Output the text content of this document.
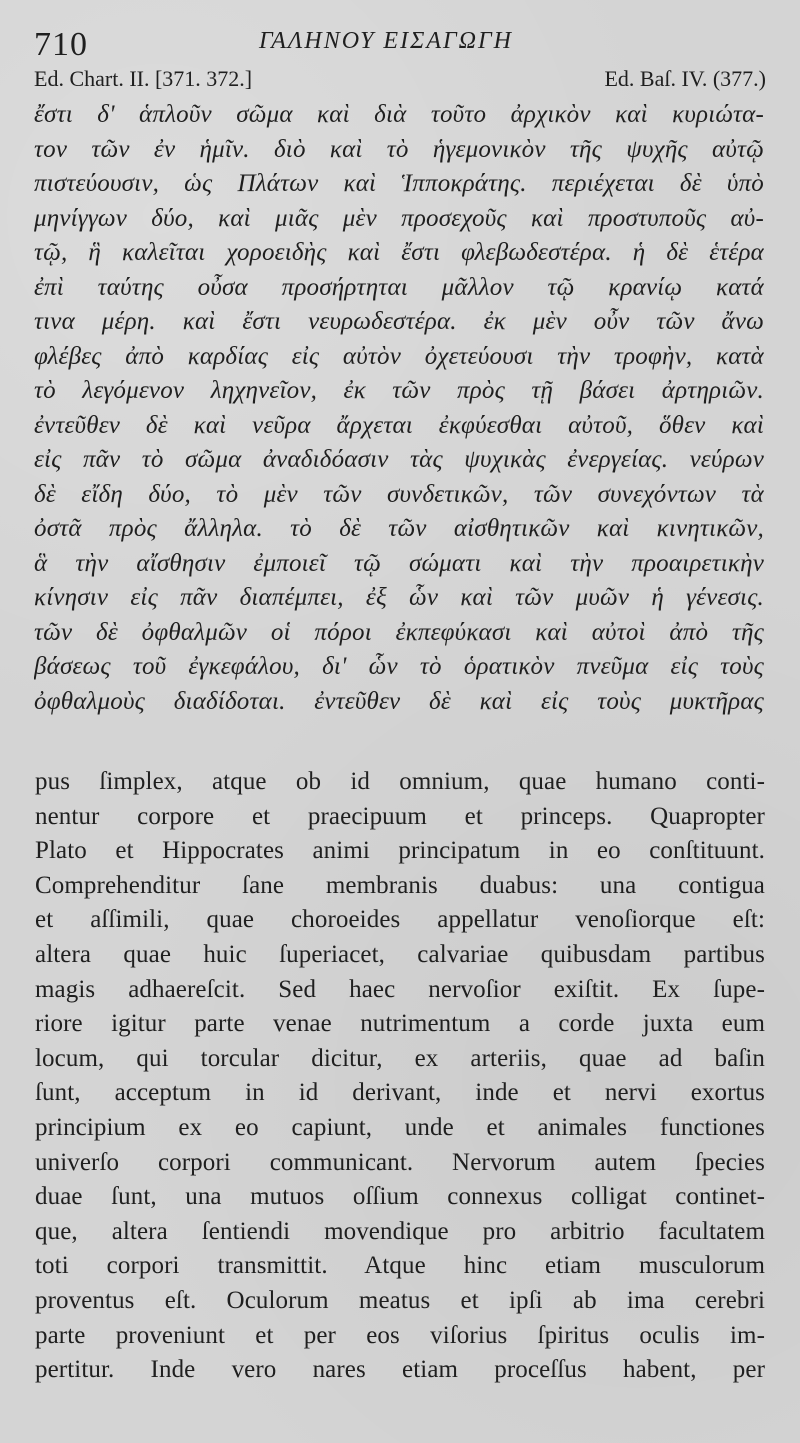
710	ΓΑΛΗΝΟΥ ΕΙΣΑΓΩΓΗ
Ed. Chart. II. [371. 372.]	Ed. Baſ. IV. (377.)
ἔστι δ' ἁπλοῦν σῶμα καὶ διὰ τοῦτο ἀρχικὸν καὶ κυριώτα-
τον τῶν ἐν ἡμῖν. διὸ καὶ τὸ ἡγεμονικὸν τῆς ψυχῆς αὐτῷ
πιστεύουσιν, ὡς Πλάτων καὶ Ἱπποκράτης. περιέχεται δὲ ὑπὸ
μηνίγγων δύο, καὶ μιᾶς μὲν προσεχοῦς καὶ προστυποῦς αὐ-
τῷ, ἣ καλεῖται χοροειδὴς καὶ ἔστι φλεβωδεστέρα. ἡ δὲ ἑτέρα
ἐπὶ ταύτης οὖσα προσήρτηται μᾶλλον τῷ κρανίῳ κατά
τινα μέρη. καὶ ἔστι νευρωδεστέρα. ἐκ μὲν οὖν τῶν ἄνω
φλέβες ἀπὸ καρδίας εἰς αὐτὸν ὀχετεύουσι τὴν τροφὴν, κατὰ
τὸ λεγόμενον ληχηνεῖον, ἐκ τῶν πρὸς τῇ βάσει ἀρτηριῶν.
ἐντεῦθεν δὲ καὶ νεῦρα ἄρχεται ἐκφύεσθαι αὐτοῦ, ὅθεν καὶ
εἰς πᾶν τὸ σῶμα ἀναδιδόασιν τὰς ψυχικὰς ἐνεργείας. νεύρων
δὲ εἴδη δύο, τὸ μὲν τῶν συνδετικῶν, τῶν συνεχόντων τὰ
ὀστᾶ πρὸς ἄλληλα. τὸ δὲ τῶν αἰσθητικῶν καὶ κινητικῶν,
ἃ τὴν αἴσθησιν ἐμποιεῖ τῷ σώματι καὶ τὴν προαιρετικὴν
κίνησιν εἰς πᾶν διαπέμπει, ἐξ ὧν καὶ τῶν μυῶν ἡ γένεσις.
τῶν δὲ ὀφθαλμῶν οἱ πόροι ἐκπεφύκασι καὶ αὐτοὶ ἀπὸ τῆς
βάσεως τοῦ ἐγκεφάλου, δι' ὧν τὸ ὁρατικὸν πνεῦμα εἰς τοὺς
ὀφθαλμοὺς διαδίδοται. ἐντεῦθεν δὲ καὶ εἰς τοὺς μυκτῆρας
pus ſimplex, atque ob id omnium, quae humano conti-
nentur corpore et praecipuum et princeps. Quapropter
Plato et Hippocrates animi principatum in eo conſtituunt.
Comprehenditur ſane membranis duabus: una contigua
et aſſimili, quae choroeides appellatur venoſiorque eſt:
altera quae huic ſuperiacet, calvariae quibusdam partibus
magis adhaereſcit. Sed haec nervoſior exiſtit. Ex ſupe-
riore igitur parte venae nutrimentum a corde juxta eum
locum, qui torcular dicitur, ex arteriis, quae ad baſin
ſunt, acceptum in id derivant, inde et nervi exortus
principium ex eo capiunt, unde et animales functiones
univerſo corpori communicant. Nervorum autem ſpecies
duae ſunt, una mutuos oſſium connexus colligat continet-
que, altera ſentiendi movendique pro arbitrio facultatem
toti corpori transmittit. Atque hinc etiam musculorum
proventus eſt. Oculorum meatus et ipſi ab ima cerebri
parte proveniunt et per eos viſorius ſpiritus oculis im-
pertitur. Inde vero nares etiam proceſſus habent, per
